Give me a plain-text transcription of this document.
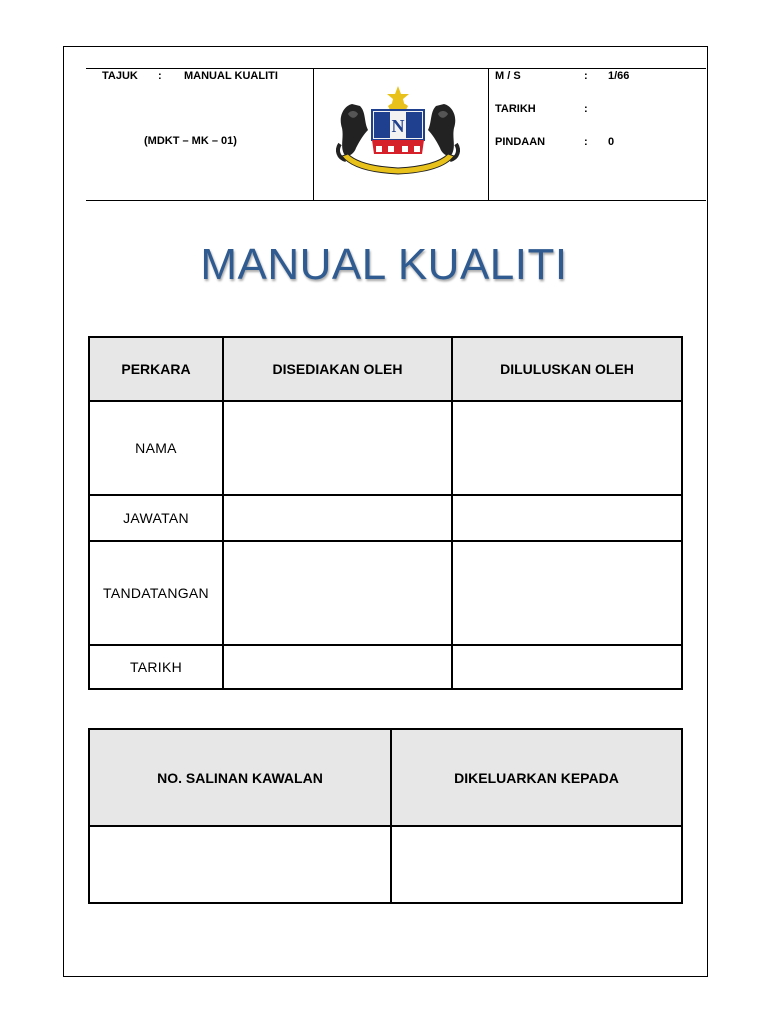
TAJUK : MANUAL KUALITI
(MDKT – MK – 01)
M / S	: 1/66
TARIKH	:
PINDAAN	: 0
N
MANUAL KUALITI
PERKARA	DISEDIAKAN OLEH	DILULUSKAN OLEH
NAMA		
JAWATAN		
TANDATANGAN		
TARIKH		
NO. SALINAN KAWALAN	DIKELUARKAN KEPADA
